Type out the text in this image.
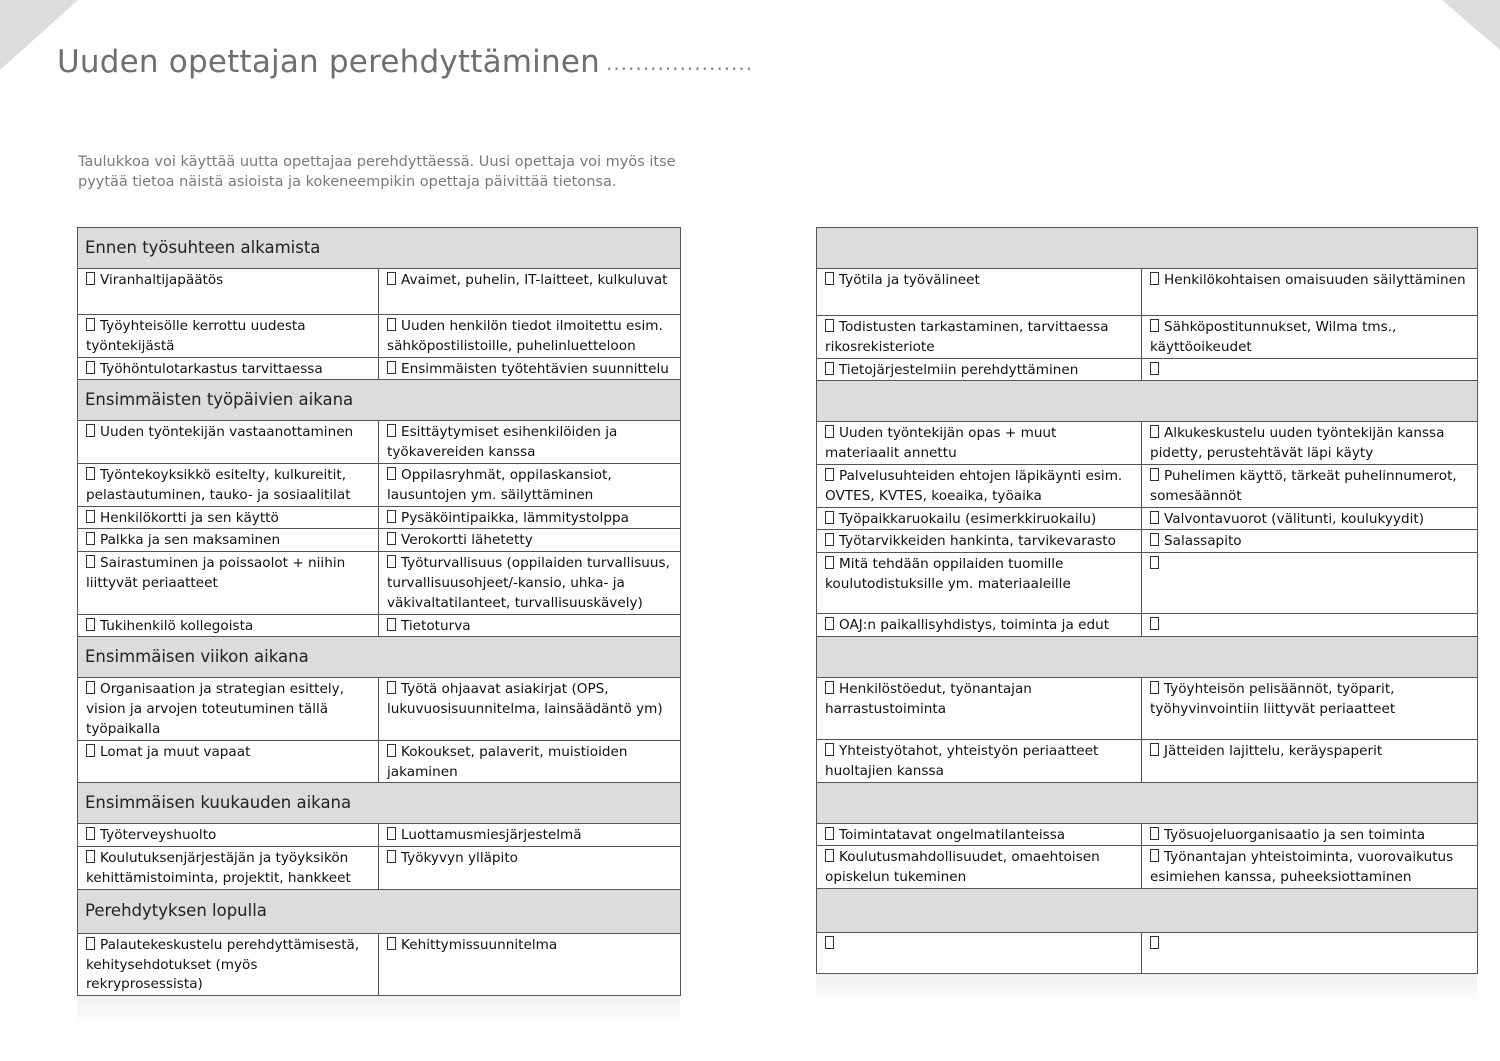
Uuden opettajan perehdyttäminen ....................

Taulukkoa voi käyttää uutta opettajaa perehdyttäessä. Uusi opettaja voi myös itse pyytää tietoa näistä asioista ja kokeneempikin opettaja päivittää tietonsa.

Ennen työsuhteen alkamista	
Viranhaltijapäätös	Avaimet, puhelin, IT-laitteet, kulkuluvat
Työyhteisölle kerrottu uudesta työntekijästä	Uuden henkilön tiedot ilmoitettu esim. sähköpostilistoille, puhelinluetteloon
Työhöntulotarkastus tarvittaessa	Ensimmäisten työtehtävien suunnittelu
Ensimmäisten työpäivien aikana	
Uuden työntekijän vastaanottaminen	Esittäytymiset esihenkilöiden ja työkavereiden kanssa
Työntekoyksikkö esitelty, kulkureitit, pelastautuminen, tauko- ja sosiaalitilat	Oppilasryhmät, oppilaskansiot, lausuntojen ym. säilyttäminen
Henkilökortti ja sen käyttö	Pysäköintipaikka, lämmitystolppa
Palkka ja sen maksaminen	Verokortti lähetetty
Sairastuminen ja poissaolot + niihin liittyvät periaatteet	Työturvallisuus (oppilaiden turvallisuus, turvallisuusohjeet/-kansio, uhka- ja väkivaltatilanteet, turvallisuuskävely)
Tukihenkilö kollegoista	Tietoturva
Ensimmäisen viikon aikana	
Organisaation ja strategian esittely, vision ja arvojen toteutuminen tällä työpaikalla	Työtä ohjaavat asiakirjat (OPS, lukuvuosisuunnitelma, lainsäädäntö ym)
Lomat ja muut vapaat	Kokoukset, palaverit, muistioiden jakaminen
Ensimmäisen kuukauden aikana	
Työterveyshuolto	Luottamusmiesjärjestelmä
Koulutuksenjärjestäjän ja työyksikön kehittämistoiminta, projektit, hankkeet	Työkyvyn ylläpito
Perehdytyksen lopulla	
Palautekeskustelu perehdyttämisestä, kehitysehdotukset (myös rekryprosessista)	Kehittymissuunnitelma

Työtila ja työvälineet	Henkilökohtaisen omaisuuden säilyttäminen
Todistusten tarkastaminen, tarvittaessa rikosrekisteriote	Sähköpostitunnukset, Wilma tms., käyttöoikeudet
Tietojärjestelmiin perehdyttäminen	

Uuden työntekijän opas + muut materiaalit annettu	Alkukeskustelu uuden työntekijän kanssa pidetty, perustehtävät läpi käyty
Palvelusuhteiden ehtojen läpikäynti esim. OVTES, KVTES, koeaika, työaika	Puhelimen käyttö, tärkeät puhelinnumerot, somesäännöt
Työpaikkaruokailu (esimerkkiruokailu)	Valvontavuorot (välitunti, koulukyydit)
Työtarvikkeiden hankinta, tarvikevarasto	Salassapito
Mitä tehdään oppilaiden tuomille koulutodistuksille ym. materiaaleille	
OAJ:n paikallisyhdistys, toiminta ja edut	

Henkilöstöedut, työnantajan harrastustoiminta	Työyhteisön pelisäännöt, työparit, työhyvinvointiin liittyvät periaatteet
Yhteistyötahot, yhteistyön periaatteet huoltajien kanssa	Jätteiden lajittelu, keräyspaperit

Toimintatavat ongelmatilanteissa	Työsuojeluorganisaatio ja sen toiminta
Koulutusmahdollisuudet, omaehtoisen opiskelun tukeminen	Työnantajan yhteistoiminta, vuorovaikutus esimiehen kanssa, puheeksiottaminen
